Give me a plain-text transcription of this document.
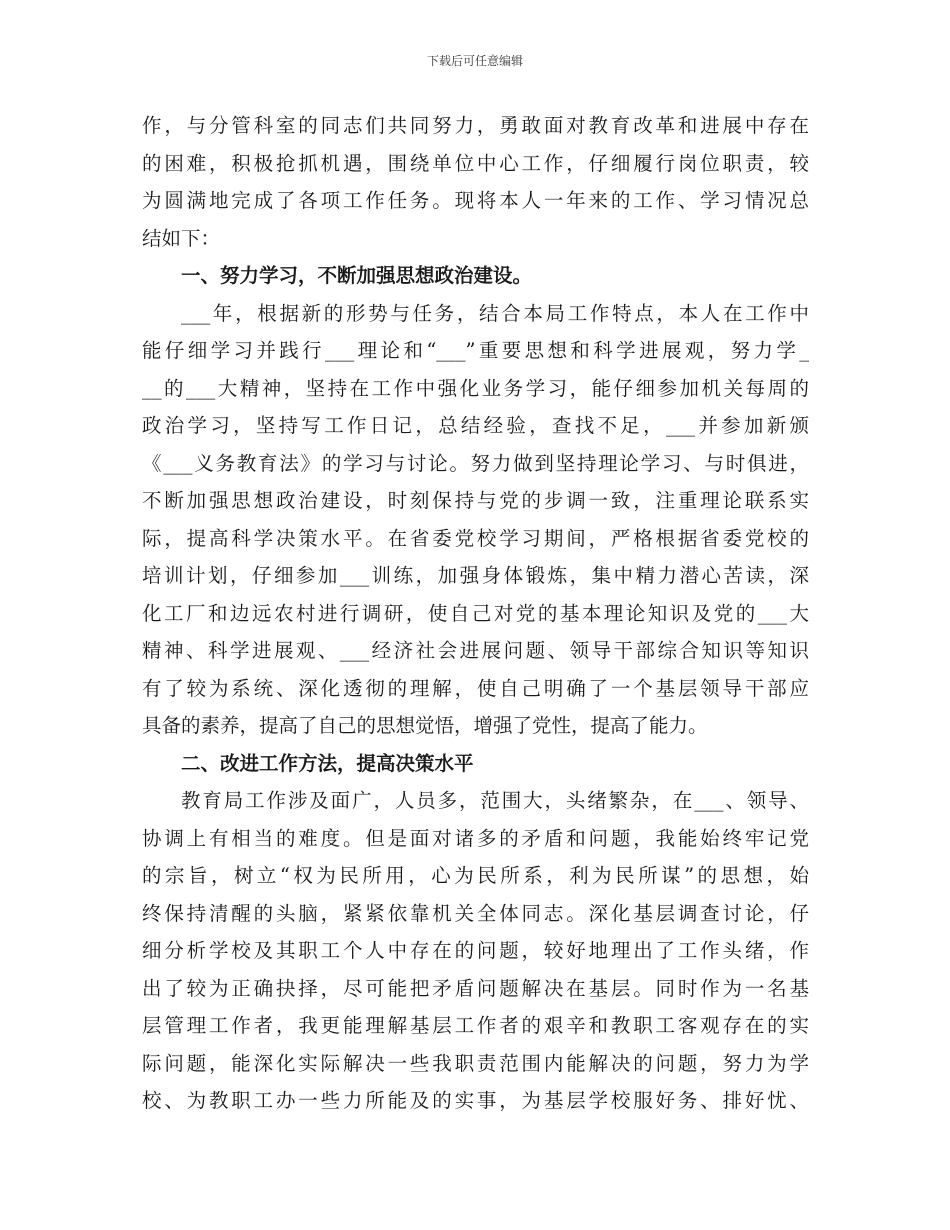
下载后可任意编辑
作，与分管科室的同志们共同努力，勇敢面对教育改革和进展中存在
的困难，积极抢抓机遇，围绕单位中心工作，仔细履行岗位职责，较
为圆满地完成了各项工作任务。现将本人一年来的工作、学习情况总
结如下：
一、努力学习，不断加强思想政治建设。
___年，根据新的形势与任务，结合本局工作特点，本人在工作中
能仔细学习并践行___理论和“___”重要思想和科学进展观，努力学_
__的___大精神，坚持在工作中强化业务学习，能仔细参加机关每周的
政治学习，坚持写工作日记，总结经验，查找不足，___并参加新颁
《___义务教育法》的学习与讨论。努力做到坚持理论学习、与时俱进，
不断加强思想政治建设，时刻保持与党的步调一致，注重理论联系实
际，提高科学决策水平。在省委党校学习期间，严格根据省委党校的
培训计划，仔细参加___训练，加强身体锻炼，集中精力潜心苦读，深
化工厂和边远农村进行调研，使自己对党的基本理论知识及党的___大
精神、科学进展观、___经济社会进展问题、领导干部综合知识等知识
有了较为系统、深化透彻的理解，使自己明确了一个基层领导干部应
具备的素养，提高了自己的思想觉悟，增强了党性，提高了能力。
二、改进工作方法，提高决策水平
教育局工作涉及面广，人员多，范围大，头绪繁杂，在___、领导、
协调上有相当的难度。但是面对诸多的矛盾和问题，我能始终牢记党
的宗旨，树立“权为民所用，心为民所系，利为民所谋”的思想，始
终保持清醒的头脑，紧紧依靠机关全体同志。深化基层调查讨论，仔
细分析学校及其职工个人中存在的问题，较好地理出了工作头绪，作
出了较为正确抉择，尽可能把矛盾问题解决在基层。同时作为一名基
层管理工作者，我更能理解基层工作者的艰辛和教职工客观存在的实
际问题，能深化实际解决一些我职责范围内能解决的问题，努力为学
校、为教职工办一些力所能及的实事，为基层学校服好务、排好忧、
